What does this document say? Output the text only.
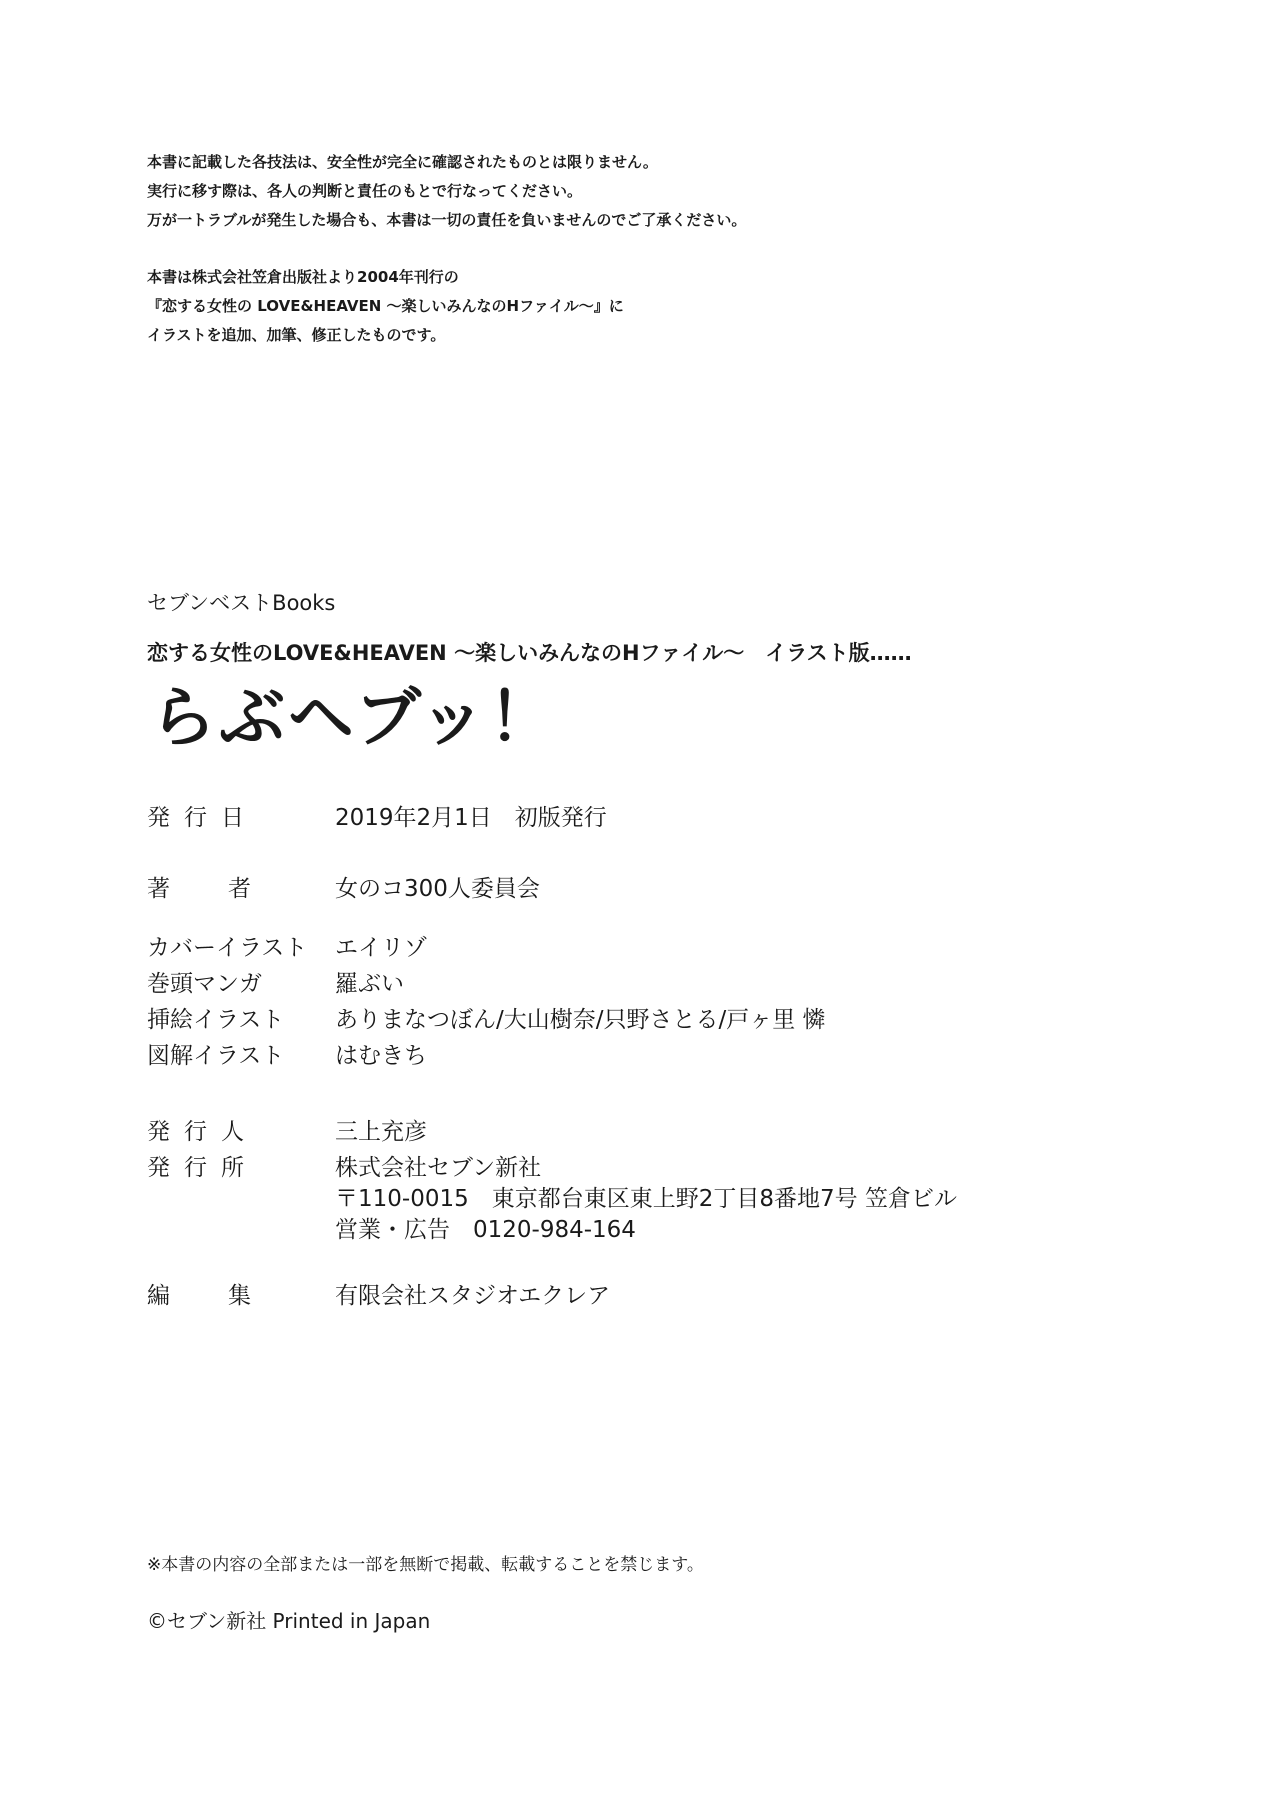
本書に記載した各技法は、安全性が完全に確認されたものとは限りません。
実行に移す際は、各人の判断と責任のもとで行なってください。
万が一トラブルが発生した場合も、本書は一切の責任を負いませんのでご了承ください。
本書は株式会社笠倉出版社より2004年刊行の
『恋する女性の LOVE&HEAVEN ～楽しいみんなのHファイル～』に
イラストを追加、加筆、修正したものです。
セブンベストBooks
恋する女性のLOVE&HEAVEN ～楽しいみんなのHファイル～　イラスト版……
らぶヘブッ！
発行日	2019年2月1日　初版発行
著者	女のコ300人委員会
カバーイラスト	エイリゾ
巻頭マンガ	羅ぶい
挿絵イラスト	ありまなつぼん/大山樹奈/只野さとる/戸ヶ里 憐
図解イラスト	はむきち
発行人	三上充彦
発行所	株式会社セブン新社
〒110-0015　東京都台東区東上野2丁目8番地7号 笠倉ビル
営業・広告　0120-984-164
編集	有限会社スタジオエクレア
※本書の内容の全部または一部を無断で掲載、転載することを禁じます。
©セブン新社 Printed in Japan
